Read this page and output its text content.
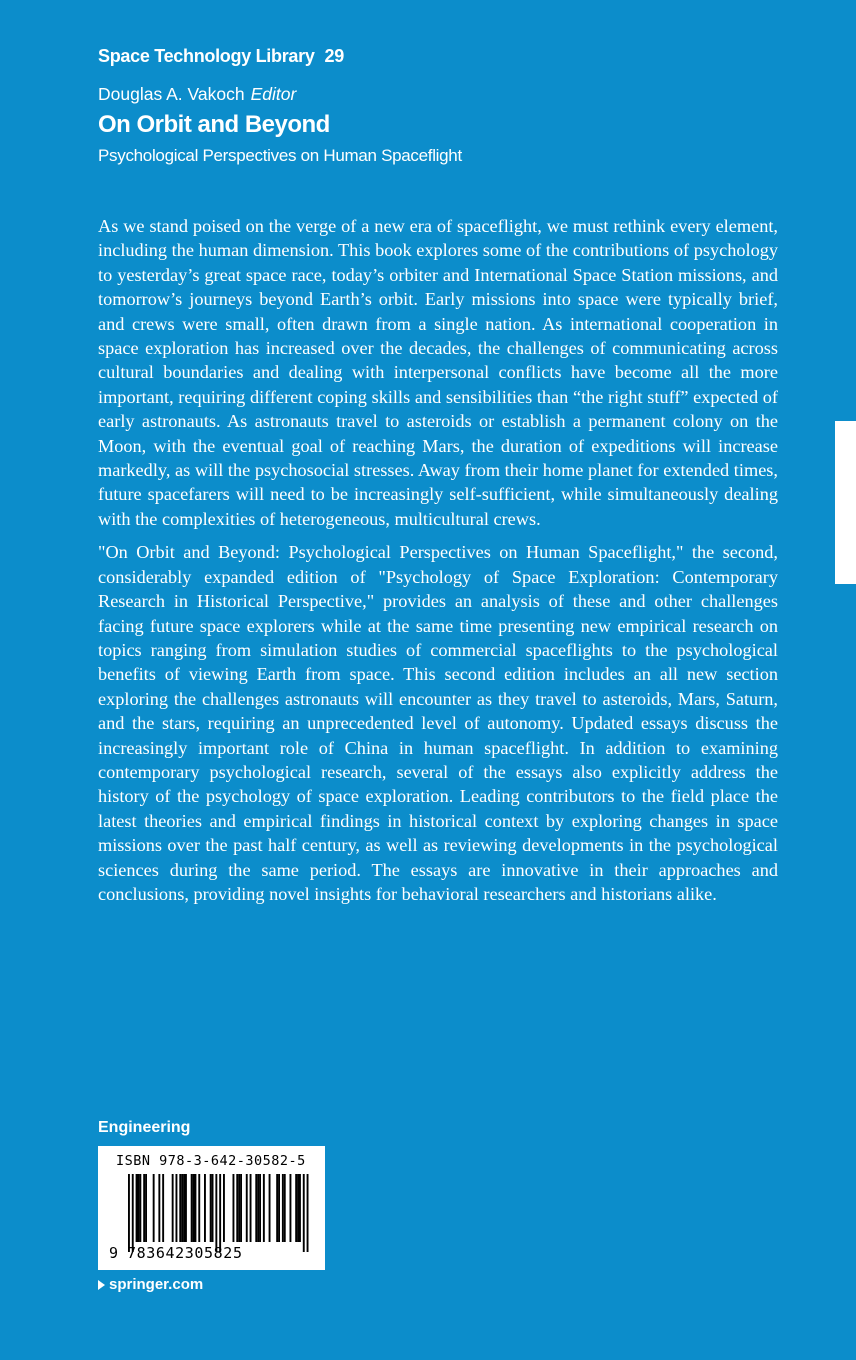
Space Technology Library 29
Douglas A. Vakoch Editor
On Orbit and Beyond
Psychological Perspectives on Human Spaceflight

As we stand poised on the verge of a new era of spaceflight, we must rethink every element, including the human dimension. This book explores some of the contributions of psychology to yesterday’s great space race, today’s orbiter and International Space Station missions, and tomorrow’s journeys beyond Earth’s orbit. Early missions into space were typically brief, and crews were small, often drawn from a single nation. As international cooperation in space exploration has increased over the decades, the challenges of communicating across cultural boundaries and dealing with interpersonal conflicts have become all the more important, requiring different coping skills and sensibilities than “the right stuff” expected of early astronauts. As astronauts travel to asteroids or establish a permanent colony on the Moon, with the eventual goal of reaching Mars, the duration of expeditions will increase markedly, as will the psychosocial stresses. Away from their home planet for extended times, future spacefarers will need to be increasingly self-sufficient, while simultaneously dealing with the complexities of heterogeneous, multicultural crews.

"On Orbit and Beyond: Psychological Perspectives on Human Spaceflight," the second, considerably expanded edition of "Psychology of Space Exploration: Contemporary Research in Historical Perspective," provides an analysis of these and other challenges facing future space explorers while at the same time presenting new empirical research on topics ranging from simulation studies of commercial spaceflights to the psychological benefits of viewing Earth from space. This second edition includes an all new section exploring the challenges astronauts will encounter as they travel to asteroids, Mars, Saturn, and the stars, requiring an unprecedented level of autonomy. Updated essays discuss the increasingly important role of China in human spaceflight. In addition to examining contemporary psychological research, several of the essays also explicitly address the history of the psychology of space exploration. Leading contributors to the field place the latest theories and empirical findings in historical context by exploring changes in space missions over the past half century, as well as reviewing developments in the psychological sciences during the same period. The essays are innovative in their approaches and conclusions, providing novel insights for behavioral researchers and historians alike.

Engineering
ISBN 978-3-642-30582-5
9 783642305825
springer.com
